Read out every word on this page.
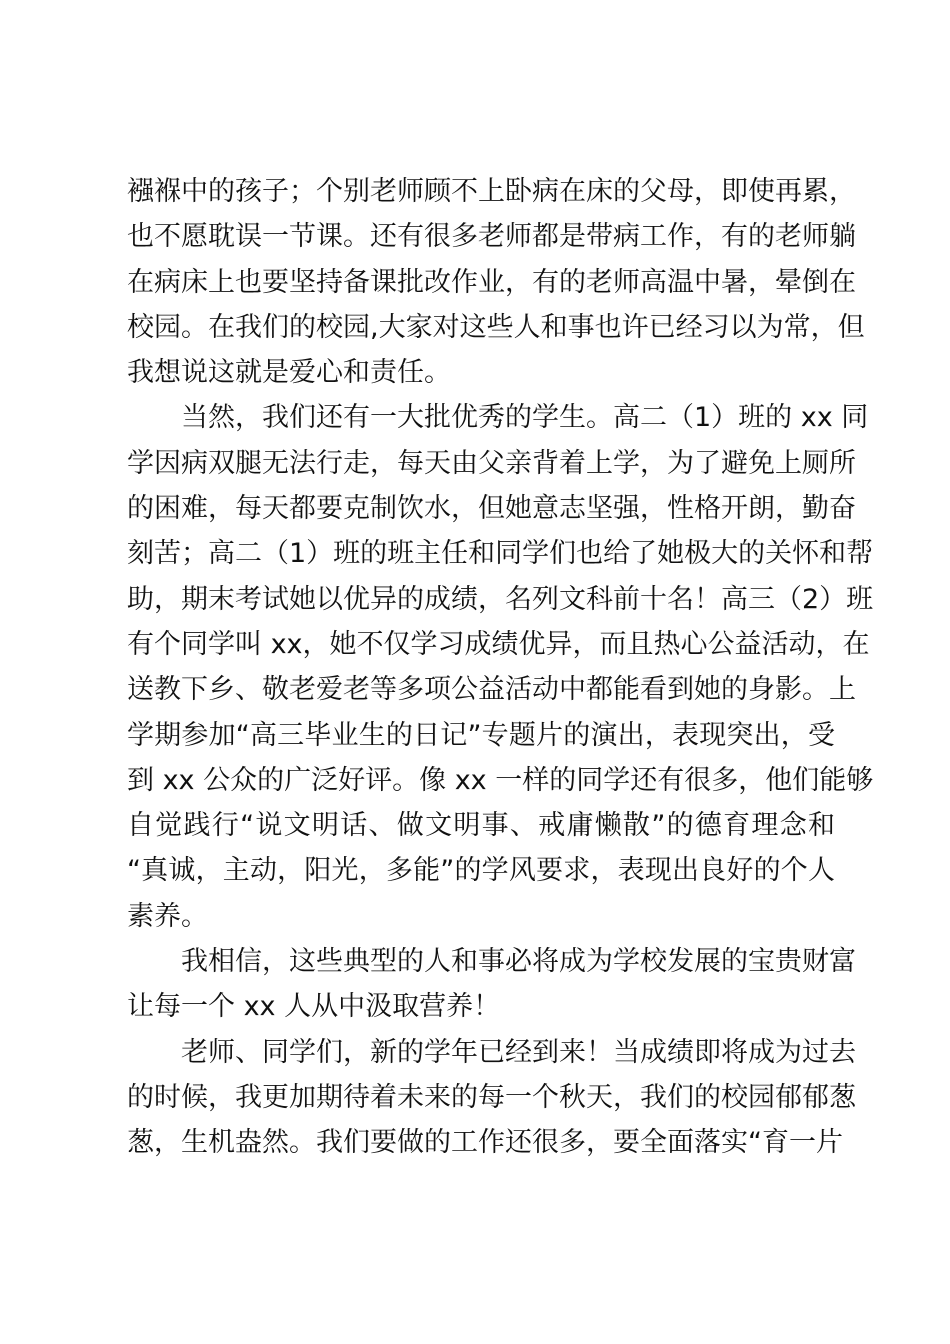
襁褓中的孩子；个别老师顾不上卧病在床的父母，即使再累，
也不愿耽误一节课。还有很多老师都是带病工作，有的老师躺
在病床上也要坚持备课批改作业，有的老师高温中暑，晕倒在
校园。在我们的校园,大家对这些人和事也许已经习以为常，但
我想说这就是爱心和责任。
当然，我们还有一大批优秀的学生。高二（1）班的 xx 同
学因病双腿无法行走，每天由父亲背着上学，为了避免上厕所
的困难，每天都要克制饮水，但她意志坚强，性格开朗，勤奋
刻苦；高二（1）班的班主任和同学们也给了她极大的关怀和帮
助，期末考试她以优异的成绩，名列文科前十名！高三（2）班
有个同学叫 xx，她不仅学习成绩优异，而且热心公益活动，在
送教下乡、敬老爱老等多项公益活动中都能看到她的身影。上
学期参加“高三毕业生的日记”专题片的演出，表现突出，受
到 xx 公众的广泛好评。像 xx 一样的同学还有很多，他们能够
自觉践行“说文明话、做文明事、戒庸懒散”的德育理念和
“真诚，主动，阳光，多能”的学风要求，表现出良好的个人
素养。
我相信，这些典型的人和事必将成为学校发展的宝贵财富
让每一个 xx 人从中汲取营养！
老师、同学们，新的学年已经到来！当成绩即将成为过去
的时候，我更加期待着未来的每一个秋天，我们的校园郁郁葱
葱，生机盎然。我们要做的工作还很多，要全面落实“育一片
